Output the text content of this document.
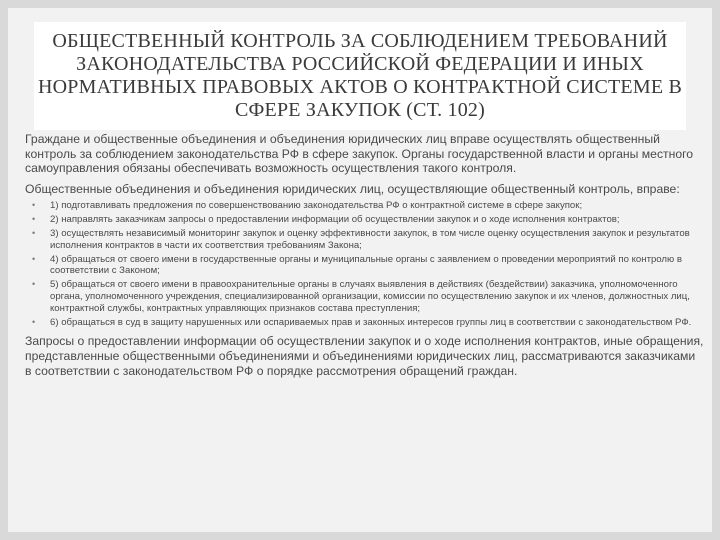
ОБЩЕСТВЕННЫЙ КОНТРОЛЬ ЗА СОБЛЮДЕНИЕМ ТРЕБОВАНИЙ ЗАКОНОДАТЕЛЬСТВА РОССИЙСКОЙ ФЕДЕРАЦИИ И ИНЫХ НОРМАТИВНЫХ ПРАВОВЫХ АКТОВ О КОНТРАКТНОЙ СИСТЕМЕ В СФЕРЕ ЗАКУПОК (СТ. 102)

Граждане и общественные объединения и объединения юридических лиц вправе осуществлять общественный контроль за соблюдением законодательства РФ в сфере закупок. Органы государственной власти и органы местного самоуправления обязаны обеспечивать возможность осуществления такого контроля.

Общественные объединения и объединения юридических лиц, осуществляющие общественный контроль, вправе:

• 1) подготавливать предложения по совершенствованию законодательства РФ о контрактной системе в сфере закупок;
• 2) направлять заказчикам запросы о предоставлении информации об осуществлении закупок и о ходе исполнения контрактов;
• 3) осуществлять независимый мониторинг закупок и оценку эффективности закупок, в том числе оценку осуществления закупок и результатов исполнения контрактов в части их соответствия требованиям Закона;
• 4) обращаться от своего имени в государственные органы и муниципальные органы с заявлением о проведении мероприятий по контролю в соответствии с Законом;
• 5) обращаться от своего имени в правоохранительные органы в случаях выявления в действиях (бездействии) заказчика, уполномоченного органа, уполномоченного учреждения, специализированной организации, комиссии по осуществлению закупок и их членов, должностных лиц, контрактной службы, контрактных управляющих признаков состава преступления;
• 6) обращаться в суд в защиту нарушенных или оспариваемых прав и законных интересов группы лиц в соответствии с законодательством РФ.

Запросы о предоставлении информации об осуществлении закупок и о ходе исполнения контрактов, иные обращения, представленные общественными объединениями и объединениями юридических лиц, рассматриваются заказчиками в соответствии с законодательством РФ о порядке рассмотрения обращений граждан.
